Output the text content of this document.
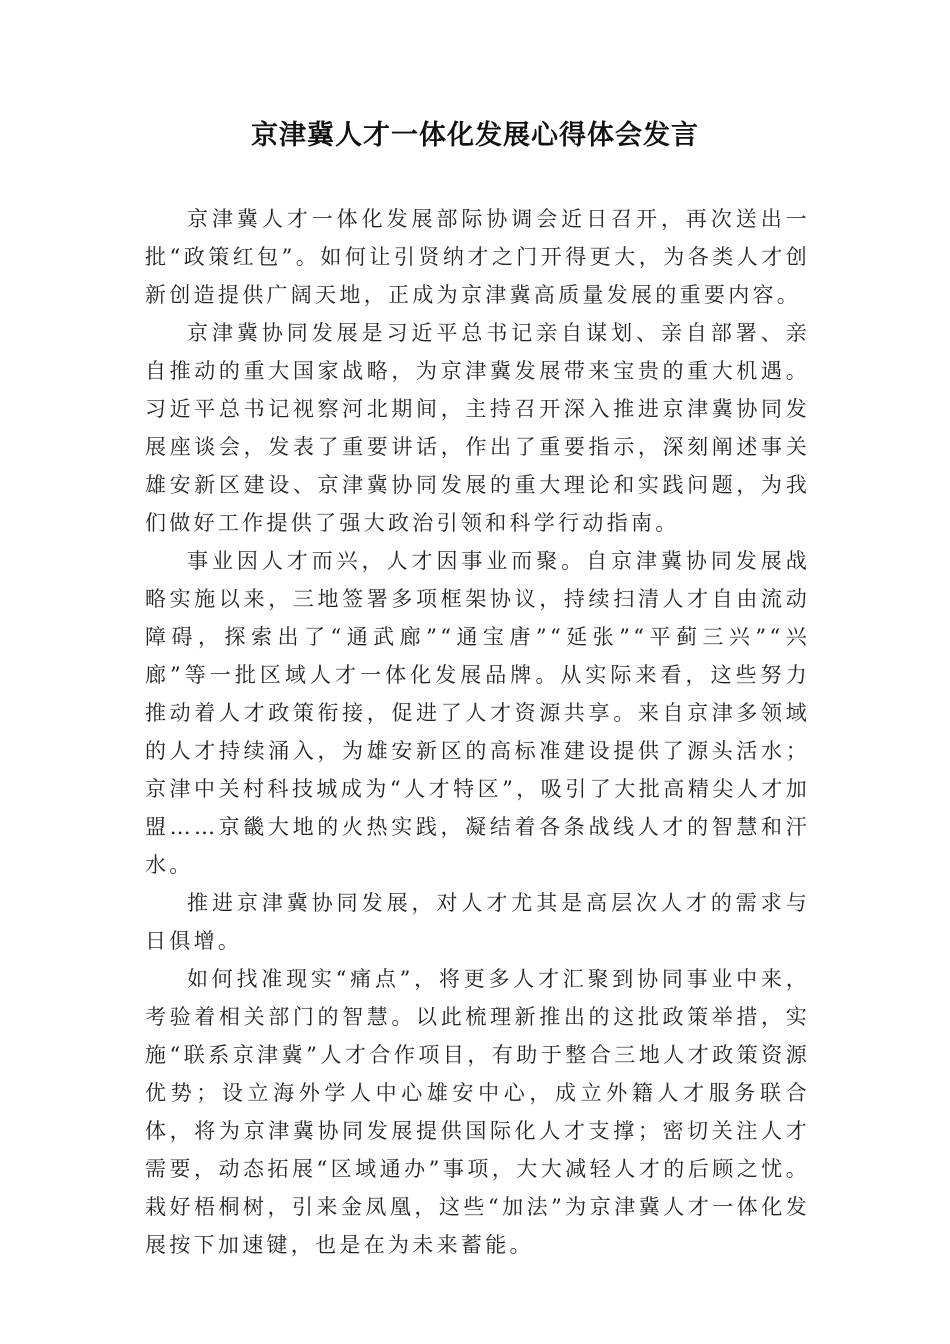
京津冀人才一体化发展心得体会发言

京津冀人才一体化发展部际协调会近日召开，再次送出一批“政策红包”。如何让引贤纳才之门开得更大，为各类人才创新创造提供广阔天地，正成为京津冀高质量发展的重要内容。

京津冀协同发展是习近平总书记亲自谋划、亲自部署、亲自推动的重大国家战略，为京津冀发展带来宝贵的重大机遇。习近平总书记视察河北期间，主持召开深入推进京津冀协同发展座谈会，发表了重要讲话，作出了重要指示，深刻阐述事关雄安新区建设、京津冀协同发展的重大理论和实践问题，为我们做好工作提供了强大政治引领和科学行动指南。

事业因人才而兴，人才因事业而聚。自京津冀协同发展战略实施以来，三地签署多项框架协议，持续扫清人才自由流动障碍，探索出了“通武廊”“通宝唐”“延张”“平蓟三兴”“兴廊”等一批区域人才一体化发展品牌。从实际来看，这些努力推动着人才政策衔接，促进了人才资源共享。来自京津多领域的人才持续涌入，为雄安新区的高标准建设提供了源头活水；京津中关村科技城成为“人才特区”，吸引了大批高精尖人才加盟……京畿大地的火热实践，凝结着各条战线人才的智慧和汗水。

推进京津冀协同发展，对人才尤其是高层次人才的需求与日俱增。

如何找准现实“痛点”，将更多人才汇聚到协同事业中来，考验着相关部门的智慧。以此梳理新推出的这批政策举措，实施“联系京津冀”人才合作项目，有助于整合三地人才政策资源优势；设立海外学人中心雄安中心，成立外籍人才服务联合体，将为京津冀协同发展提供国际化人才支撑；密切关注人才需要，动态拓展“区域通办”事项，大大减轻人才的后顾之忧。栽好梧桐树，引来金凤凰，这些“加法”为京津冀人才一体化发展按下加速键，也是在为未来蓄能。
